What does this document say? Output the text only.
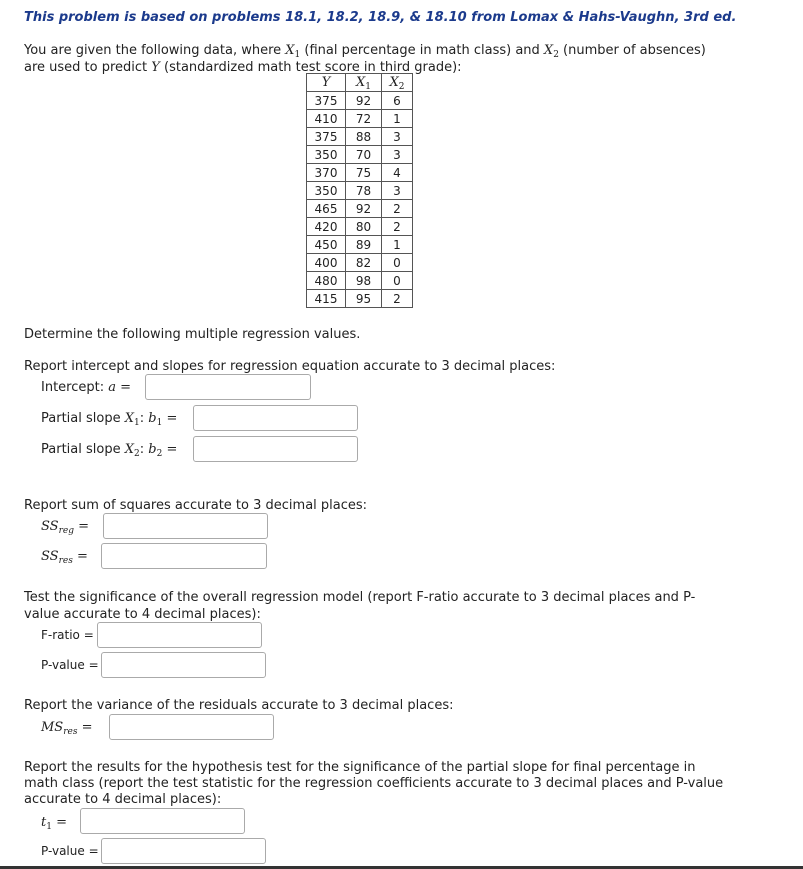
This problem is based on problems 18.1, 18.2, 18.9, & 18.10 from Lomax & Hahs-Vaughn, 3rd ed.
You are given the following data, where $X_1$ (final percentage in math class) and $X_2$ (number of absences)
are used to predict Y (standardized math test score in third grade):
Y	$X_1$	$X_2$
375	92	6
410	72	1
375	88	3
350	70	3
370	75	4
350	78	3
465	92	2
420	80	2
450	89	1
400	82	0
480	98	0
415	95	2
Determine the following multiple regression values.
Report intercept and slopes for regression equation accurate to 3 decimal places:
Intercept: a =
Partial slope $X_1$: $b_1$ =
Partial slope $X_2$: $b_2$ =
Report sum of squares accurate to 3 decimal places:
$SS_{reg}$ =
$SS_{res}$ =
Test the significance of the overall regression model (report F-ratio accurate to 3 decimal places and P-
value accurate to 4 decimal places):
F-ratio =
P-value =
Report the variance of the residuals accurate to 3 decimal places:
$MS_{res}$ =
Report the results for the hypothesis test for the significance of the partial slope for final percentage in
math class (report the test statistic for the regression coefficients accurate to 3 decimal places and P-value
accurate to 4 decimal places):
$t_1$ =
P-value =
